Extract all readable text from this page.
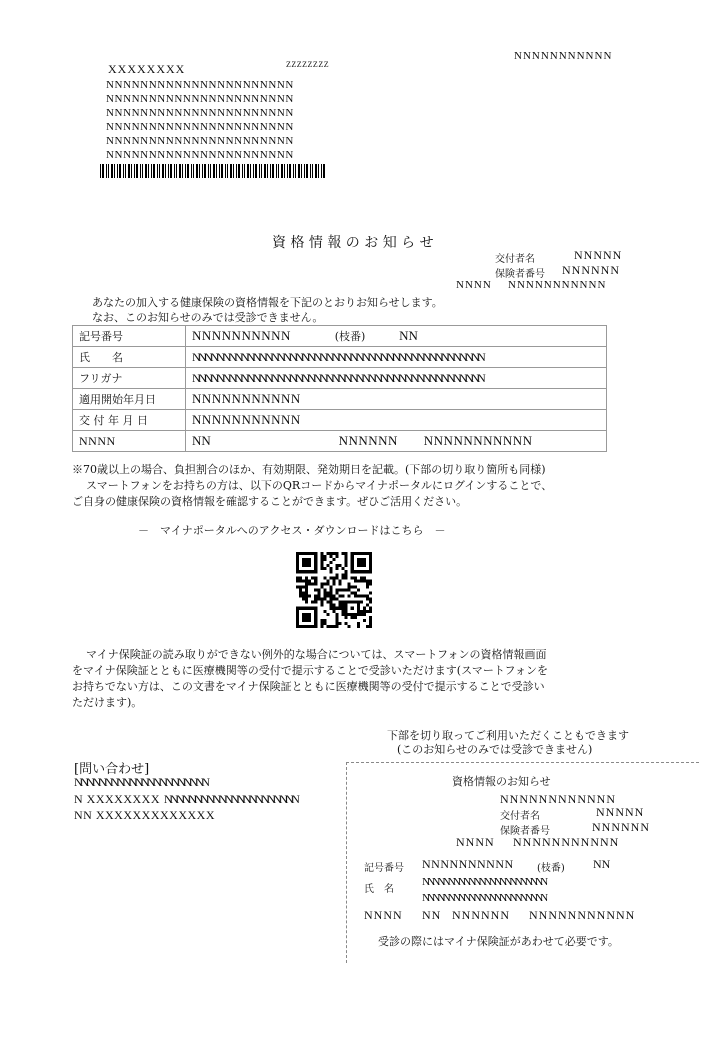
NNNNNNNNNNN
ZZZZZZZZ
XXXXXXXX
NNNNNNNNNNNNNNNNNNNNNN
NNNNNNNNNNNNNNNNNNNNNN
NNNNNNNNNNNNNNNNNNNNNN
NNNNNNNNNNNNNNNNNNNNNN
NNNNNNNNNNNNNNNNNNNNNN
NNNNNNNNNNNNNNNNNNNNNN
資 格 情 報 の お 知 ら せ
交付者名	NNNNN
保険者番号 NNNNNN
NNNN NNNNNNNNNNN
あなたの加入する健康保険の資格情報を下記のとおりお知らせします。
なお、このお知らせのみでは受診できません。
記号番号	NNNNNNNNNN (枝番) NN
氏　　名	NNNNNNNNNNNNNNNNNNNNNNNNNNNNNNNNNNNNNNNNNNNNNNNN
フリガナ	NNNNNNNNNNNNNNNNNNNNNNNNNNNNNNNNNNNNNNNNNNNNNNNN
適用開始年月日	NNNNNNNNNNN
交 付 年 月 日	NNNNNNNNNNN
NNNN	NN NNNNNN NNNNNNNNNNN
※70歳以上の場合、負担割合のほか、有効期限、発効期日を記載。(下部の切り取り箇所も同様)
スマートフォンをお持ちの方は、以下のQRコードからマイナポータルにログインすることで、
ご自身の健康保険の資格情報を確認することができます。ぜひご活用ください。
－　マイナポータルへのアクセス・ダウンロードはこちら　－
マイナ保険証の読み取りができない例外的な場合については、スマートフォンの資格情報画面
をマイナ保険証とともに医療機関等の受付で提示することで受診いただけます(スマートフォンを
お持ちでない方は、この文書をマイナ保険証とともに医療機関等の受付で提示することで受診い
ただけます)。
下部を切り取ってご利用いただくこともできます
(このお知らせのみでは受診できません)
[問い合わせ]
NNNNNNNNNNNNNNNNNNNNNN
N XXXXXXXX NNNNNNNNNNNNNNNNNNNNNN
NN XXXXXXXXXXXXX
資格情報のお知らせ
NNNNNNNNNNNN
交付者名	NNNNN
保険者番号	NNNNNN
NNNN NNNNNNNNNNN
記号番号 NNNNNNNNNN (枝番) NN
氏　名
NNNNNNNNNNNNNNNNNNNNNNNN
NNNNNNNNNNNNNNNNNNNNNNNN
NNNN NN NNNNNN NNNNNNNNNNN
受診の際にはマイナ保険証があわせて必要です。
